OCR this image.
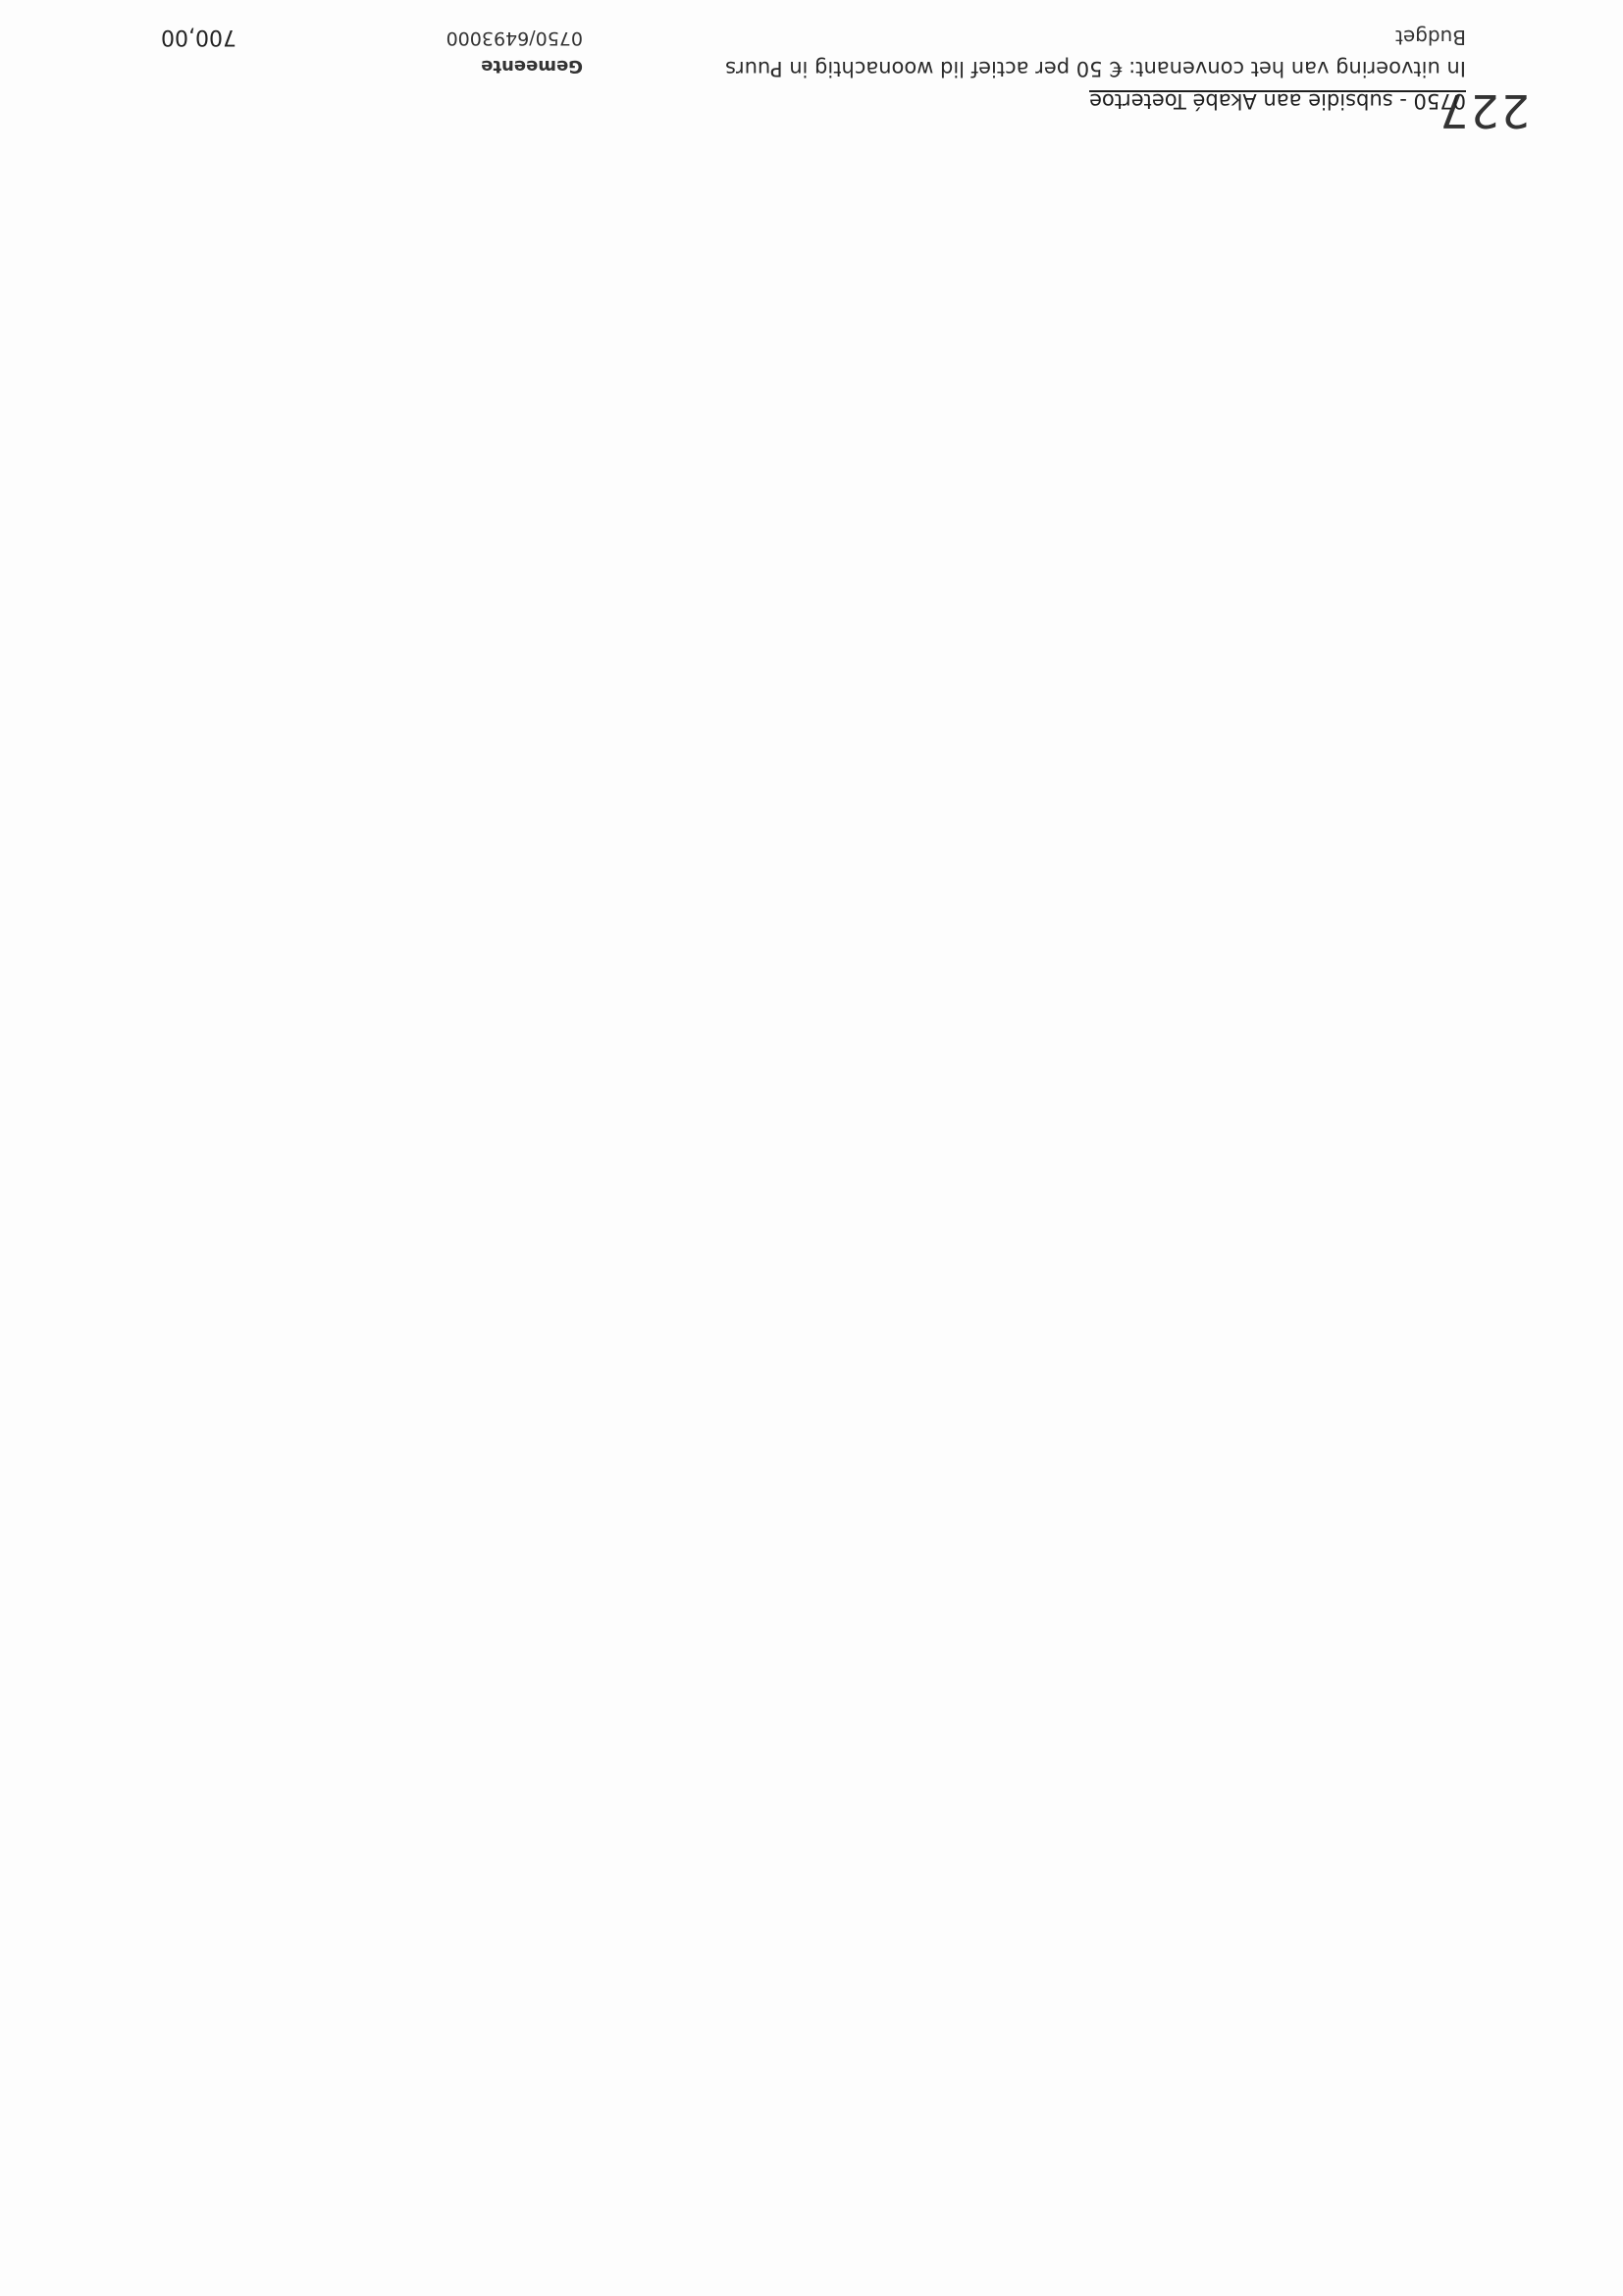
227
0750 - subsidie aan Akabé Toetertoe
In uitvoering van het convenant: € 50 per actief lid woonachtig in Puurs
Gemeente
Budget
0750/6493000
700,00
